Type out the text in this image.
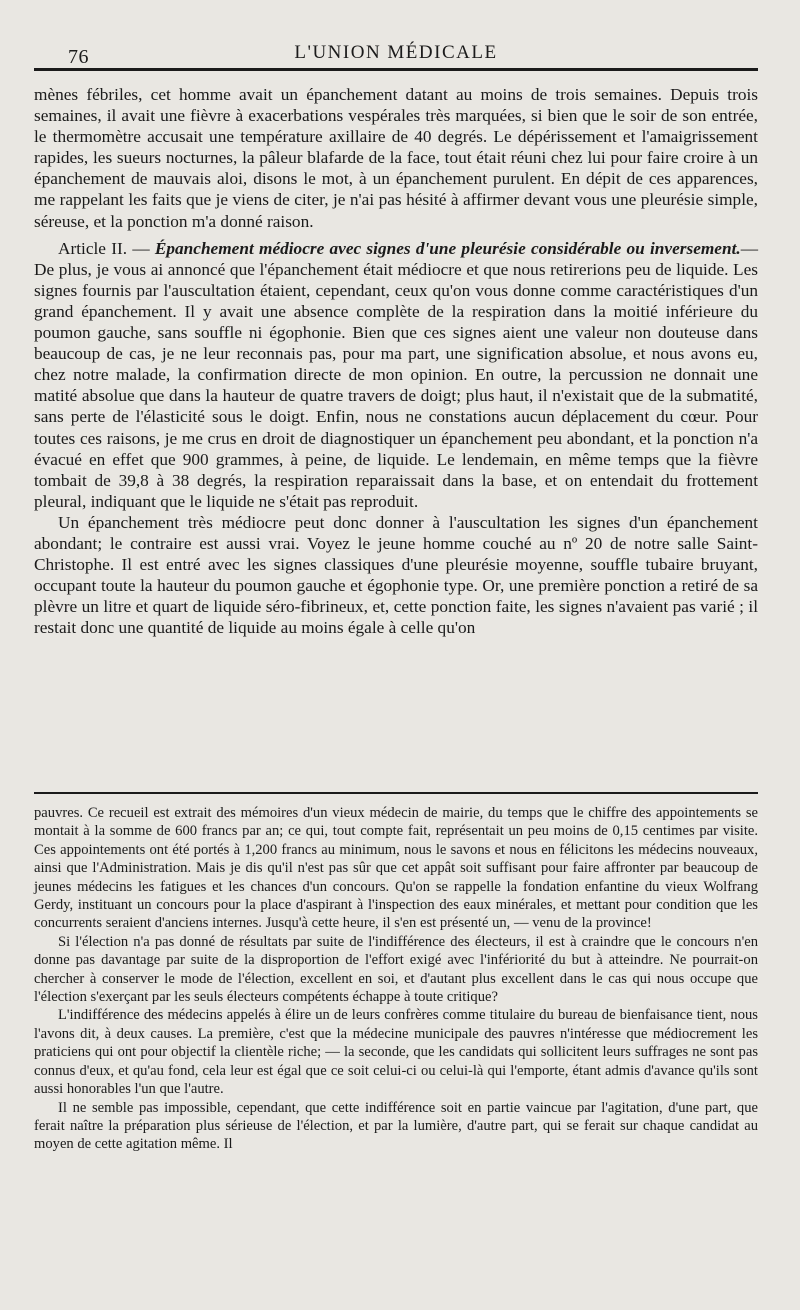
76	L'UNION MÉDICALE

mènes fébriles, cet homme avait un épanchement datant au moins de trois semaines. Depuis trois semaines, il avait une fièvre à exacerbations vespérales très marquées, si bien que le soir de son entrée, le thermomètre accusait une température axillaire de 40 degrés. Le dépérissement et l'amaigrissement rapides, les sueurs nocturnes, la pâleur blafarde de la face, tout était réuni chez lui pour faire croire à un épanchement de mauvais aloi, disons le mot, à un épanchement purulent. En dépit de ces apparences, me rappelant les faits que je viens de citer, je n'ai pas hésité à affirmer devant vous une pleurésie simple, séreuse, et la ponction m'a donné raison.

Article II. — Épanchement médiocre avec signes d'une pleurésie considérable ou inversement.— De plus, je vous ai annoncé que l'épanchement était médiocre et que nous retirerions peu de liquide. Les signes fournis par l'auscultation étaient, cependant, ceux qu'on vous donne comme caractéristiques d'un grand épanchement. Il y avait une absence complète de la respiration dans la moitié inférieure du poumon gauche, sans souffle ni égophonie. Bien que ces signes aient une valeur non douteuse dans beaucoup de cas, je ne leur reconnais pas, pour ma part, une signification absolue, et nous avons eu, chez notre malade, la confirmation directe de mon opinion. En outre, la percussion ne donnait une matité absolue que dans la hauteur de quatre travers de doigt; plus haut, il n'existait que de la submatité, sans perte de l'élasticité sous le doigt. Enfin, nous ne constations aucun déplacement du cœur. Pour toutes ces raisons, je me crus en droit de diagnostiquer un épanchement peu abondant, et la ponction n'a évacué en effet que 900 grammes, à peine, de liquide. Le lendemain, en même temps que la fièvre tombait de 39,8 à 38 degrés, la respiration reparaissait dans la base, et on entendait du frottement pleural, indiquant que le liquide ne s'était pas reproduit.

Un épanchement très médiocre peut donc donner à l'auscultation les signes d'un épanchement abondant; le contraire est aussi vrai. Voyez le jeune homme couché au nº 20 de notre salle Saint-Christophe. Il est entré avec les signes classiques d'une pleurésie moyenne, souffle tubaire bruyant, occupant toute la hauteur du poumon gauche et égophonie type. Or, une première ponction a retiré de sa plèvre un litre et quart de liquide séro-fibrineux, et, cette ponction faite, les signes n'avaient pas varié ; il restait donc une quantité de liquide au moins égale à celle qu'on

pauvres. Ce recueil est extrait des mémoires d'un vieux médecin de mairie, du temps que le chiffre des appointements se montait à la somme de 600 francs par an; ce qui, tout compte fait, représentait un peu moins de 0,15 centimes par visite. Ces appointements ont été portés à 1,200 francs au minimum, nous le savons et nous en félicitons les médecins nouveaux, ainsi que l'Administration. Mais je dis qu'il n'est pas sûr que cet appât soit suffisant pour faire affronter par beaucoup de jeunes médecins les fatigues et les chances d'un concours. Qu'on se rappelle la fondation enfantine du vieux Wolfrang Gerdy, instituant un concours pour la place d'aspirant à l'inspection des eaux minérales, et mettant pour condition que les concurrents seraient d'anciens internes. Jusqu'à cette heure, il s'en est présenté un, — venu de la province!

Si l'élection n'a pas donné de résultats par suite de l'indifférence des électeurs, il est à craindre que le concours n'en donne pas davantage par suite de la disproportion de l'effort exigé avec l'infériorité du but à atteindre. Ne pourrait-on chercher à conserver le mode de l'élection, excellent en soi, et d'autant plus excellent dans le cas qui nous occupe que l'élection s'exerçant par les seuls électeurs compétents échappe à toute critique?

L'indifférence des médecins appelés à élire un de leurs confrères comme titulaire du bureau de bienfaisance tient, nous l'avons dit, à deux causes. La première, c'est que la médecine municipale des pauvres n'intéresse que médiocrement les praticiens qui ont pour objectif la clientèle riche; — la seconde, que les candidats qui sollicitent leurs suffrages ne sont pas connus d'eux, et qu'au fond, cela leur est égal que ce soit celui-ci ou celui-là qui l'emporte, étant admis d'avance qu'ils sont aussi honorables l'un que l'autre.

Il ne semble pas impossible, cependant, que cette indifférence soit en partie vaincue par l'agitation, d'une part, que ferait naître la préparation plus sérieuse de l'élection, et par la lumière, d'autre part, qui se ferait sur chaque candidat au moyen de cette agitation même. Il
